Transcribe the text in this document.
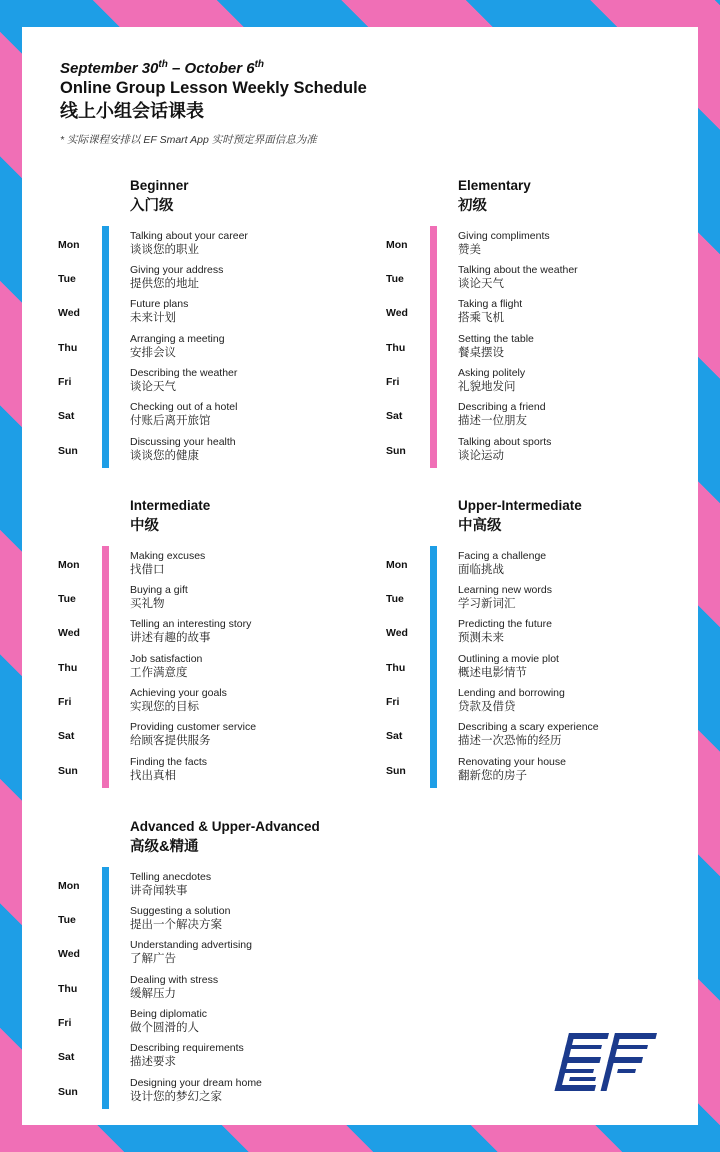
September 30th – October 6th
Online Group Lesson Weekly Schedule
线上小组会话课表
* 实际课程安排以 EF Smart App 实时预定界面信息为准
Beginner
入门级
Mon
Talking about your career
谈谈您的职业
Tue
Giving your address
提供您的地址
Wed
Future plans
未来计划
Thu
Arranging a meeting
安排会议
Fri
Describing the weather
谈论天气
Sat
Checking out of a hotel
付账后离开旅馆
Sun
Discussing your health
谈谈您的健康
Elementary
初级
Mon
Giving compliments
赞美
Tue
Talking about the weather
谈论天气
Wed
Taking a flight
搭乘飞机
Thu
Setting the table
餐桌摆设
Fri
Asking politely
礼貌地发问
Sat
Describing a friend
描述一位朋友
Sun
Talking about sports
谈论运动
Intermediate
中级
Mon
Making excuses
找借口
Tue
Buying a gift
买礼物
Wed
Telling an interesting story
讲述有趣的故事
Thu
Job satisfaction
工作满意度
Fri
Achieving your goals
实现您的目标
Sat
Providing customer service
给顾客提供服务
Sun
Finding the facts
找出真相
Upper-Intermediate
中高级
Mon
Facing a challenge
面临挑战
Tue
Learning new words
学习新词汇
Wed
Predicting the future
预测未来
Thu
Outlining a movie plot
概述电影情节
Fri
Lending and borrowing
贷款及借贷
Sat
Describing a scary experience
描述一次恐怖的经历
Sun
Renovating your house
翻新您的房子
Advanced & Upper-Advanced
高级&精通
Mon
Telling anecdotes
讲奇闻轶事
Tue
Suggesting a solution
提出一个解决方案
Wed
Understanding advertising
了解广告
Thu
Dealing with stress
缓解压力
Fri
Being diplomatic
做个圆滑的人
Sat
Describing requirements
描述要求
Sun
Designing your dream home
设计您的梦幻之家
